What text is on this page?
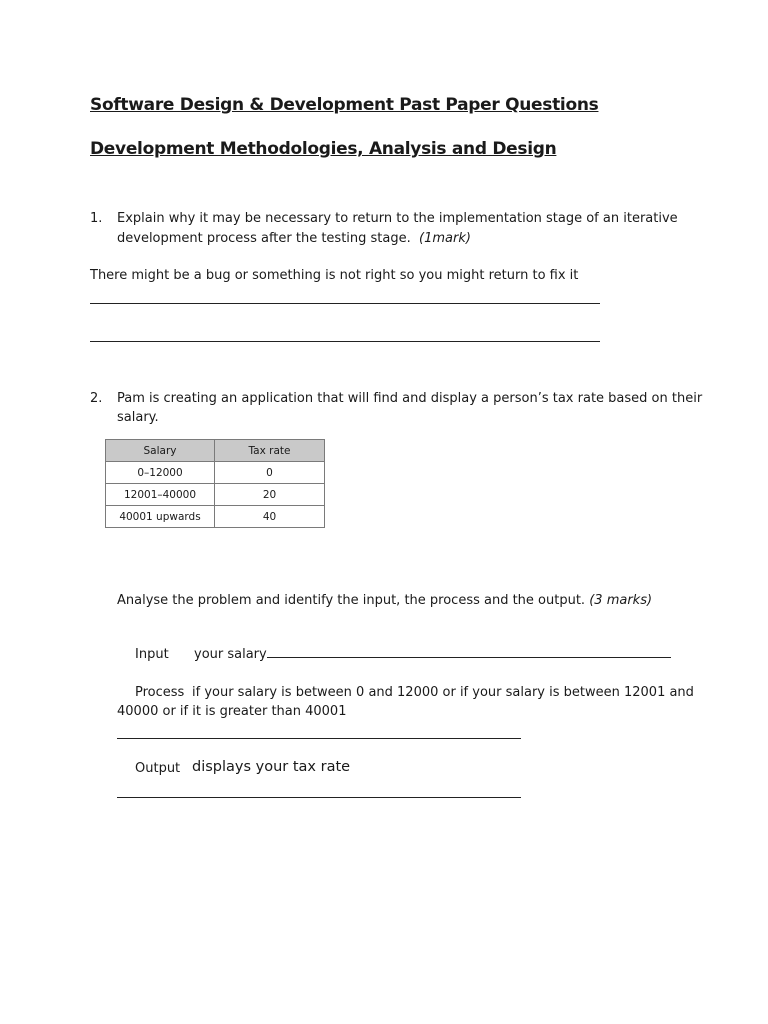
Software Design & Development Past Paper Questions
Development Methodologies, Analysis and Design
1. Explain why it may be necessary to return to the implementation stage of an iterative
development process after the testing stage. (1mark)
There might be a bug or something is not right so you might return to fix it
2. Pam is creating an application that will find and display a person’s tax rate based on their
salary.
Salary	Tax rate
0–12000	0
12001–40000	20
40001 upwards	40
Analyse the problem and identify the input, the process and the output. (3 marks)
Input your salary
Process if your salary is between 0 and 12000 or if your salary is between 12001 and
40000 or if it is greater than 40001
Output displays your tax rate
